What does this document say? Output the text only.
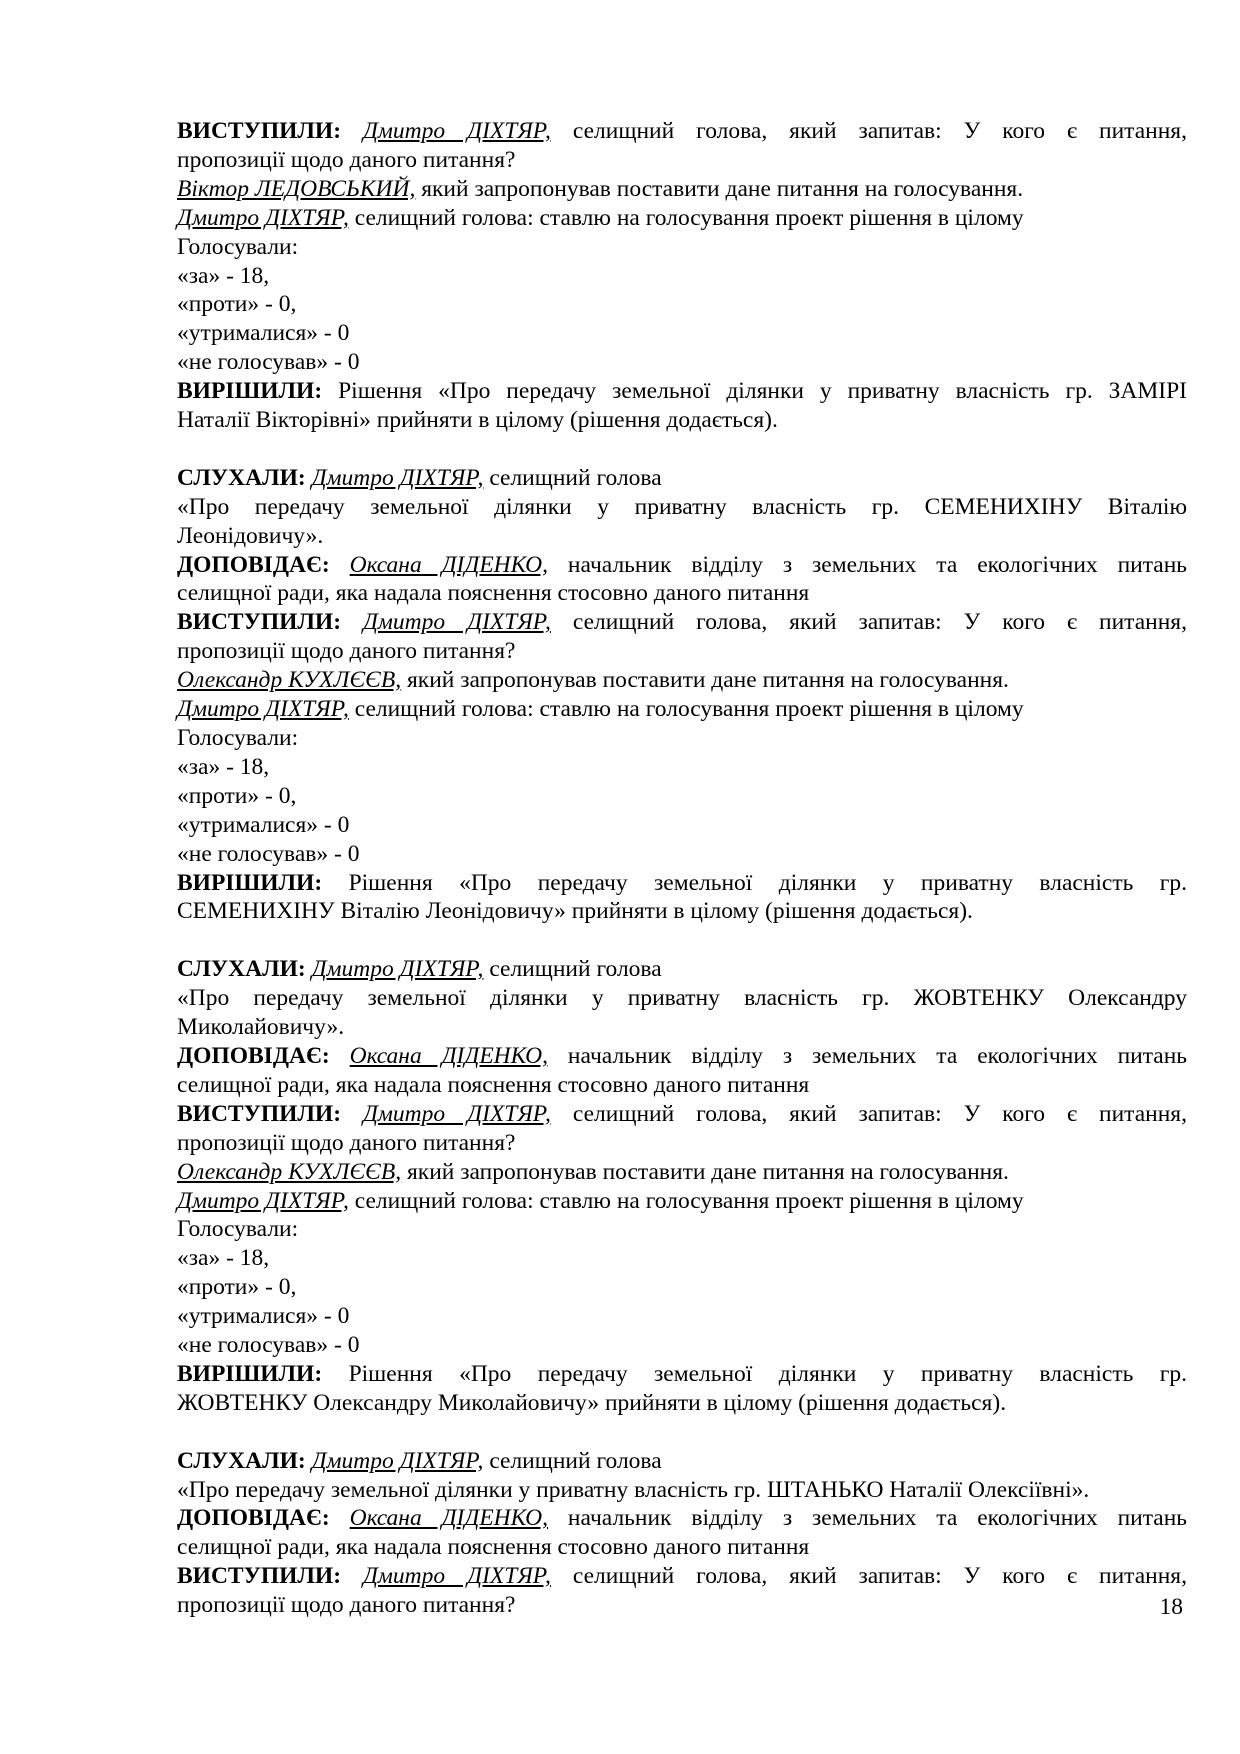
ВИСТУПИЛИ: Дмитро ДІХТЯР, селищний голова, який запитав: У кого є питання,
пропозиції щодо даного питання?
Віктор ЛЕДОВСЬКИЙ, який запропонував поставити дане питання на голосування.
Дмитро ДІХТЯР, селищний голова: ставлю на голосування проект рішення в цілому
Голосували:
«за» - 18,
«проти» - 0,
«утрималися» - 0
«не голосував» - 0
ВИРІШИЛИ: Рішення «Про передачу земельної ділянки у приватну власність гр. ЗАМІРІ
Наталії Вікторівні» прийняти в цілому (рішення додається).
СЛУХАЛИ: Дмитро ДІХТЯР, селищний голова
«Про передачу земельної ділянки у приватну власність гр. СЕМЕНИХІНУ Віталію
Леонідовичу».
ДОПОВІДАЄ: Оксана ДІДЕНКО, начальник відділу з земельних та екологічних питань
селищної ради, яка надала пояснення стосовно даного питання
ВИСТУПИЛИ: Дмитро ДІХТЯР, селищний голова, який запитав: У кого є питання,
пропозиції щодо даного питання?
Олександр КУХЛЄЄВ, який запропонував поставити дане питання на голосування.
Дмитро ДІХТЯР, селищний голова: ставлю на голосування проект рішення в цілому
Голосували:
«за» - 18,
«проти» - 0,
«утрималися» - 0
«не голосував» - 0
ВИРІШИЛИ: Рішення «Про передачу земельної ділянки у приватну власність гр.
СЕМЕНИХІНУ Віталію Леонідовичу» прийняти в цілому (рішення додається).
СЛУХАЛИ: Дмитро ДІХТЯР, селищний голова
«Про передачу земельної ділянки у приватну власність гр. ЖОВТЕНКУ Олександру
Миколайовичу».
ДОПОВІДАЄ: Оксана ДІДЕНКО, начальник відділу з земельних та екологічних питань
селищної ради, яка надала пояснення стосовно даного питання
ВИСТУПИЛИ: Дмитро ДІХТЯР, селищний голова, який запитав: У кого є питання,
пропозиції щодо даного питання?
Олександр КУХЛЄЄВ, який запропонував поставити дане питання на голосування.
Дмитро ДІХТЯР, селищний голова: ставлю на голосування проект рішення в цілому
Голосували:
«за» - 18,
«проти» - 0,
«утрималися» - 0
«не голосував» - 0
ВИРІШИЛИ: Рішення «Про передачу земельної ділянки у приватну власність гр.
ЖОВТЕНКУ Олександру Миколайовичу» прийняти в цілому (рішення додається).
СЛУХАЛИ: Дмитро ДІХТЯР, селищний голова
«Про передачу земельної ділянки у приватну власність гр. ШТАНЬКО Наталії Олексіївні».
ДОПОВІДАЄ: Оксана ДІДЕНКО, начальник відділу з земельних та екологічних питань
селищної ради, яка надала пояснення стосовно даного питання
ВИСТУПИЛИ: Дмитро ДІХТЯР, селищний голова, який запитав: У кого є питання,
пропозиції щодо даного питання?	18
